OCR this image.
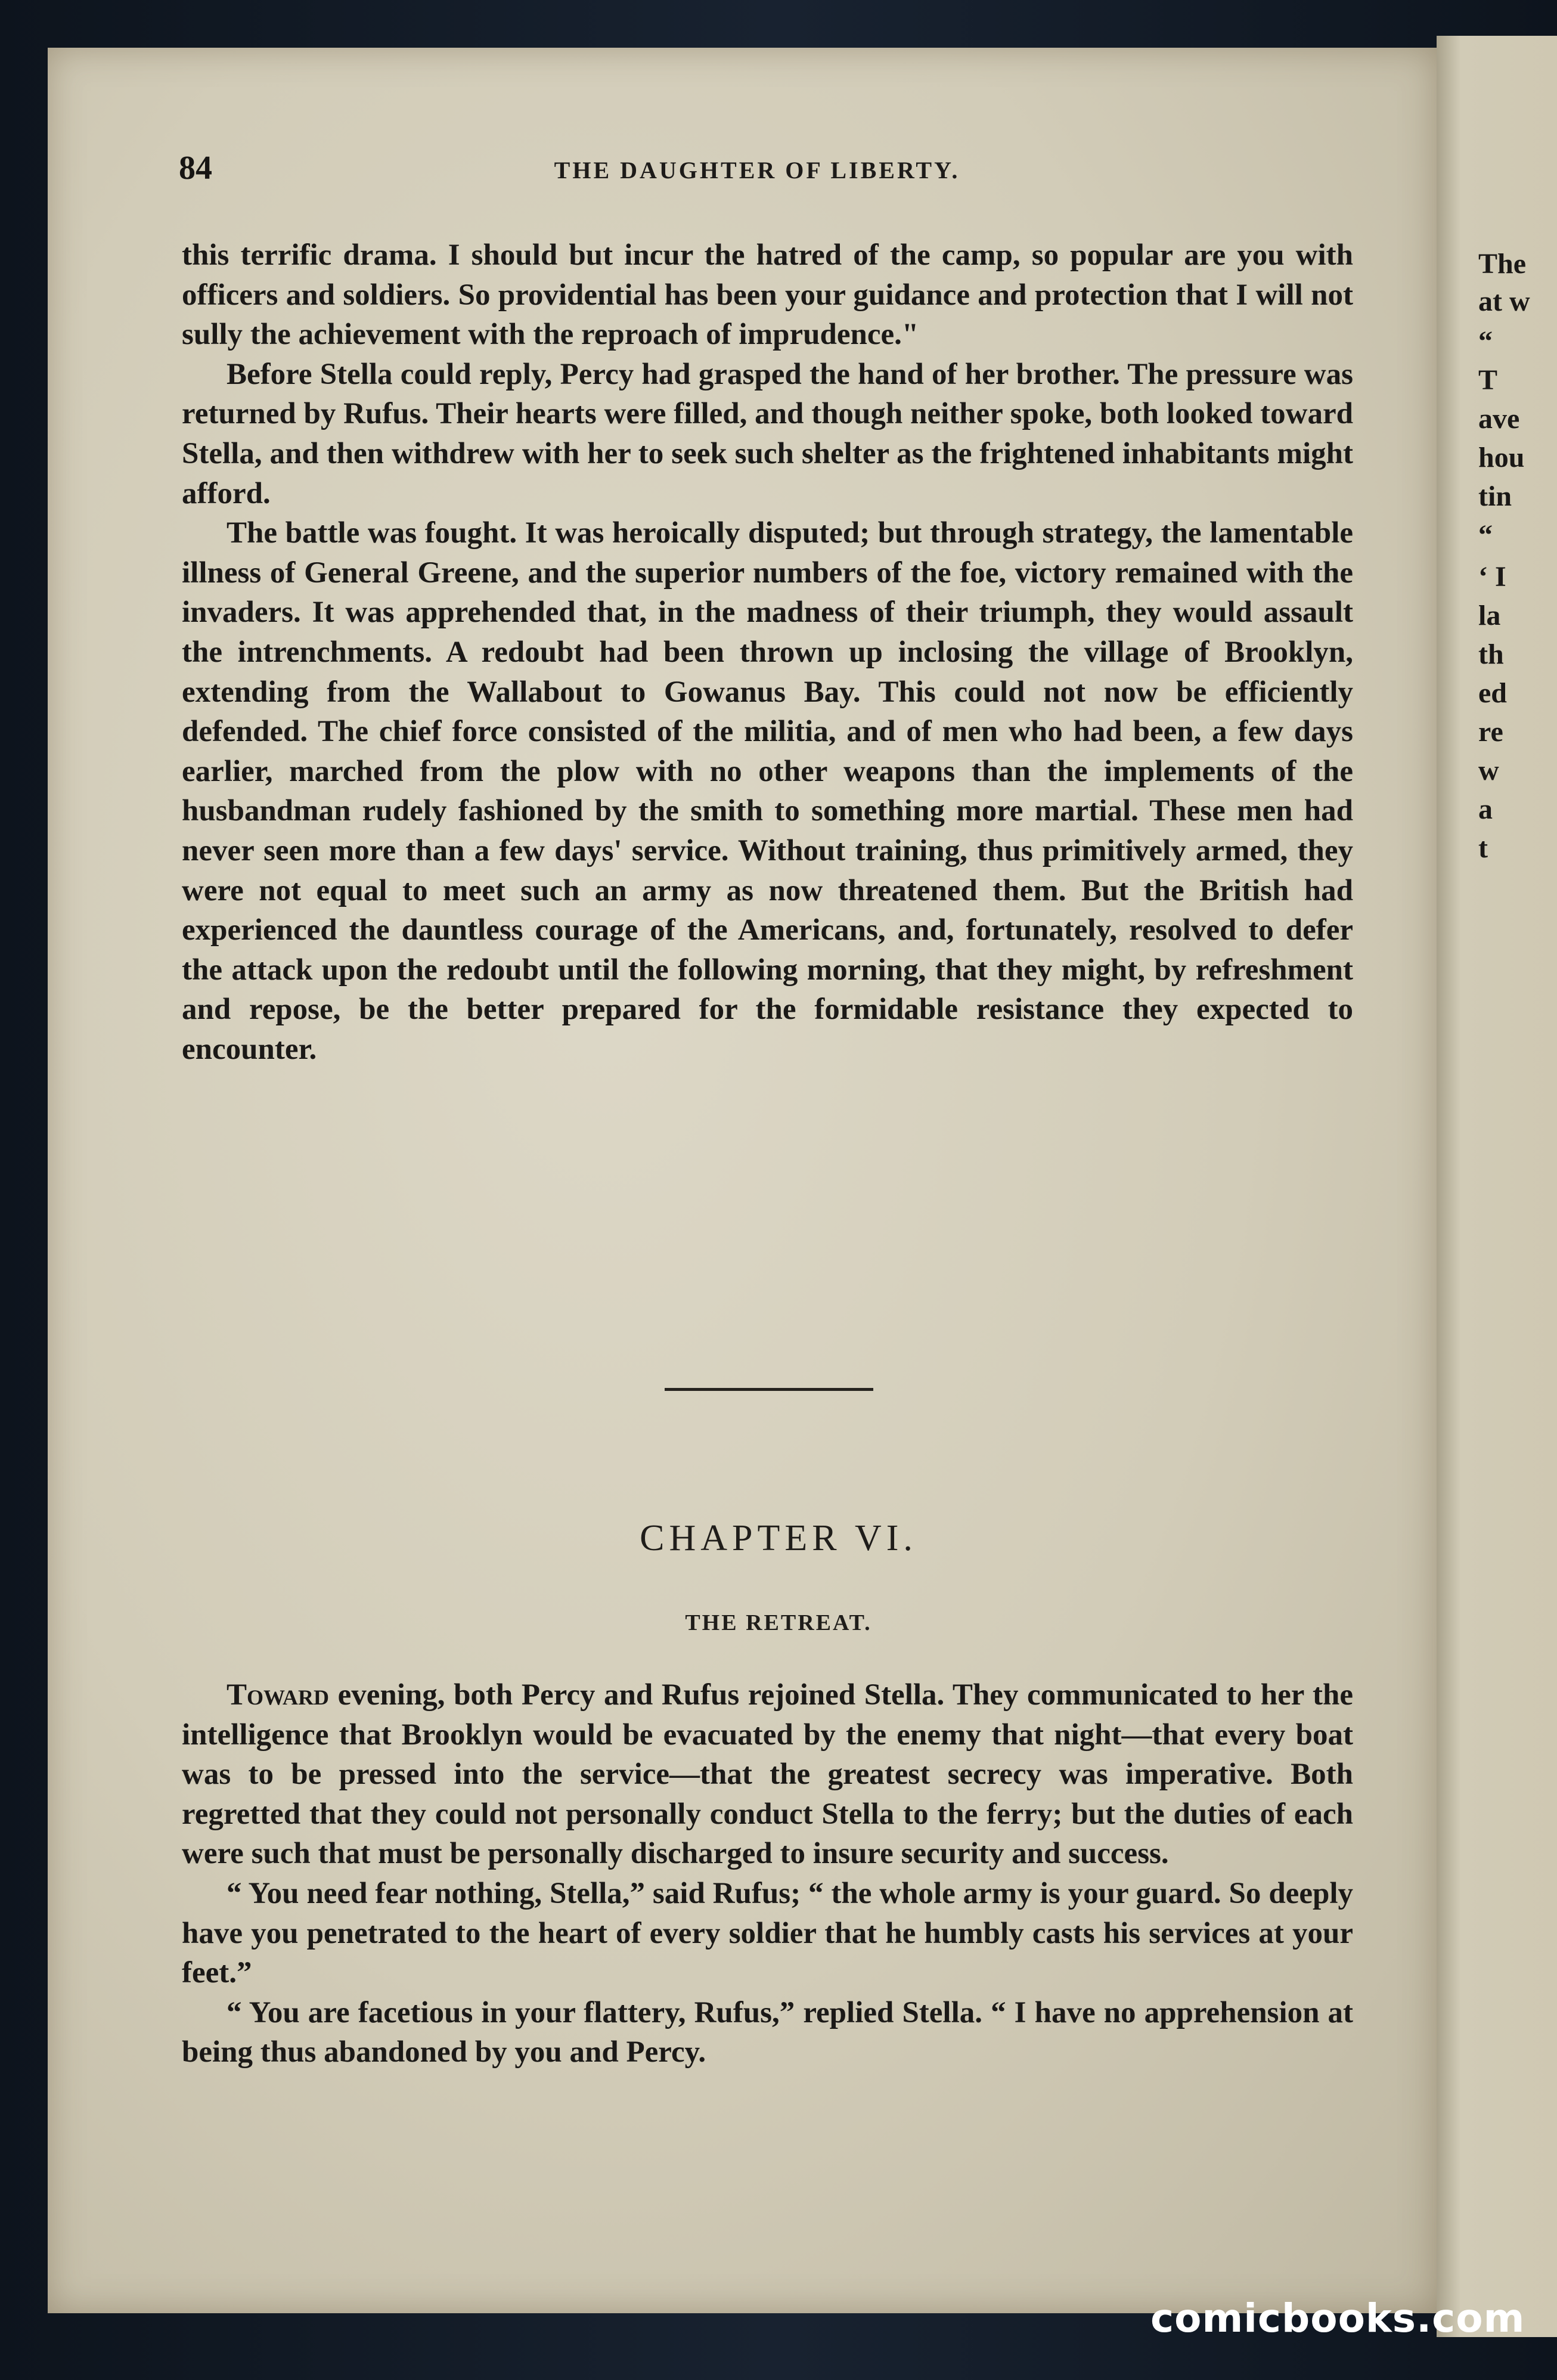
The
at w
“
T
ave
hou
tin
“
‘ I
la
th
ed
re
w
a
t
84	THE DAUGHTER OF LIBERTY.

this terrific drama. I should but incur the hatred of the camp, so popular are you with officers and soldiers. So providential has been your guidance and protection that I will not sully the achievement with the reproach of imprudence."

Before Stella could reply, Percy had grasped the hand of her brother. The pressure was returned by Rufus. Their hearts were filled, and though neither spoke, both looked toward Stella, and then withdrew with her to seek such shelter as the frightened inhabitants might afford.

The battle was fought. It was heroically disputed; but through strategy, the lamentable illness of General Greene, and the superior numbers of the foe, victory remained with the invaders. It was apprehended that, in the madness of their triumph, they would assault the intrenchments. A redoubt had been thrown up inclosing the village of Brooklyn, extending from the Wallabout to Gowanus Bay. This could not now be efficiently defended. The chief force consisted of the militia, and of men who had been, a few days earlier, marched from the plow with no other weapons than the implements of the husbandman rudely fashioned by the smith to something more martial. These men had never seen more than a few days' service. Without training, thus primitively armed, they were not equal to meet such an army as now threatened them. But the British had experienced the dauntless courage of the Americans, and, fortunately, resolved to defer the attack upon the redoubt until the following morning, that they might, by refreshment and repose, be the better prepared for the formidable resistance they expected to encounter.

CHAPTER VI.
THE RETREAT.

Toward evening, both Percy and Rufus rejoined Stella. They communicated to her the intelligence that Brooklyn would be evacuated by the enemy that night—that every boat was to be pressed into the service—that the greatest secrecy was imperative. Both regretted that they could not personally conduct Stella to the ferry; but the duties of each were such that must be personally discharged to insure security and success.

“ You need fear nothing, Stella,” said Rufus; “ the whole army is your guard. So deeply have you penetrated to the heart of every soldier that he humbly casts his services at your feet.”

“ You are facetious in your flattery, Rufus,” replied Stella. “ I have no apprehension at being thus abandoned by you and Percy.

comicbooks.com
